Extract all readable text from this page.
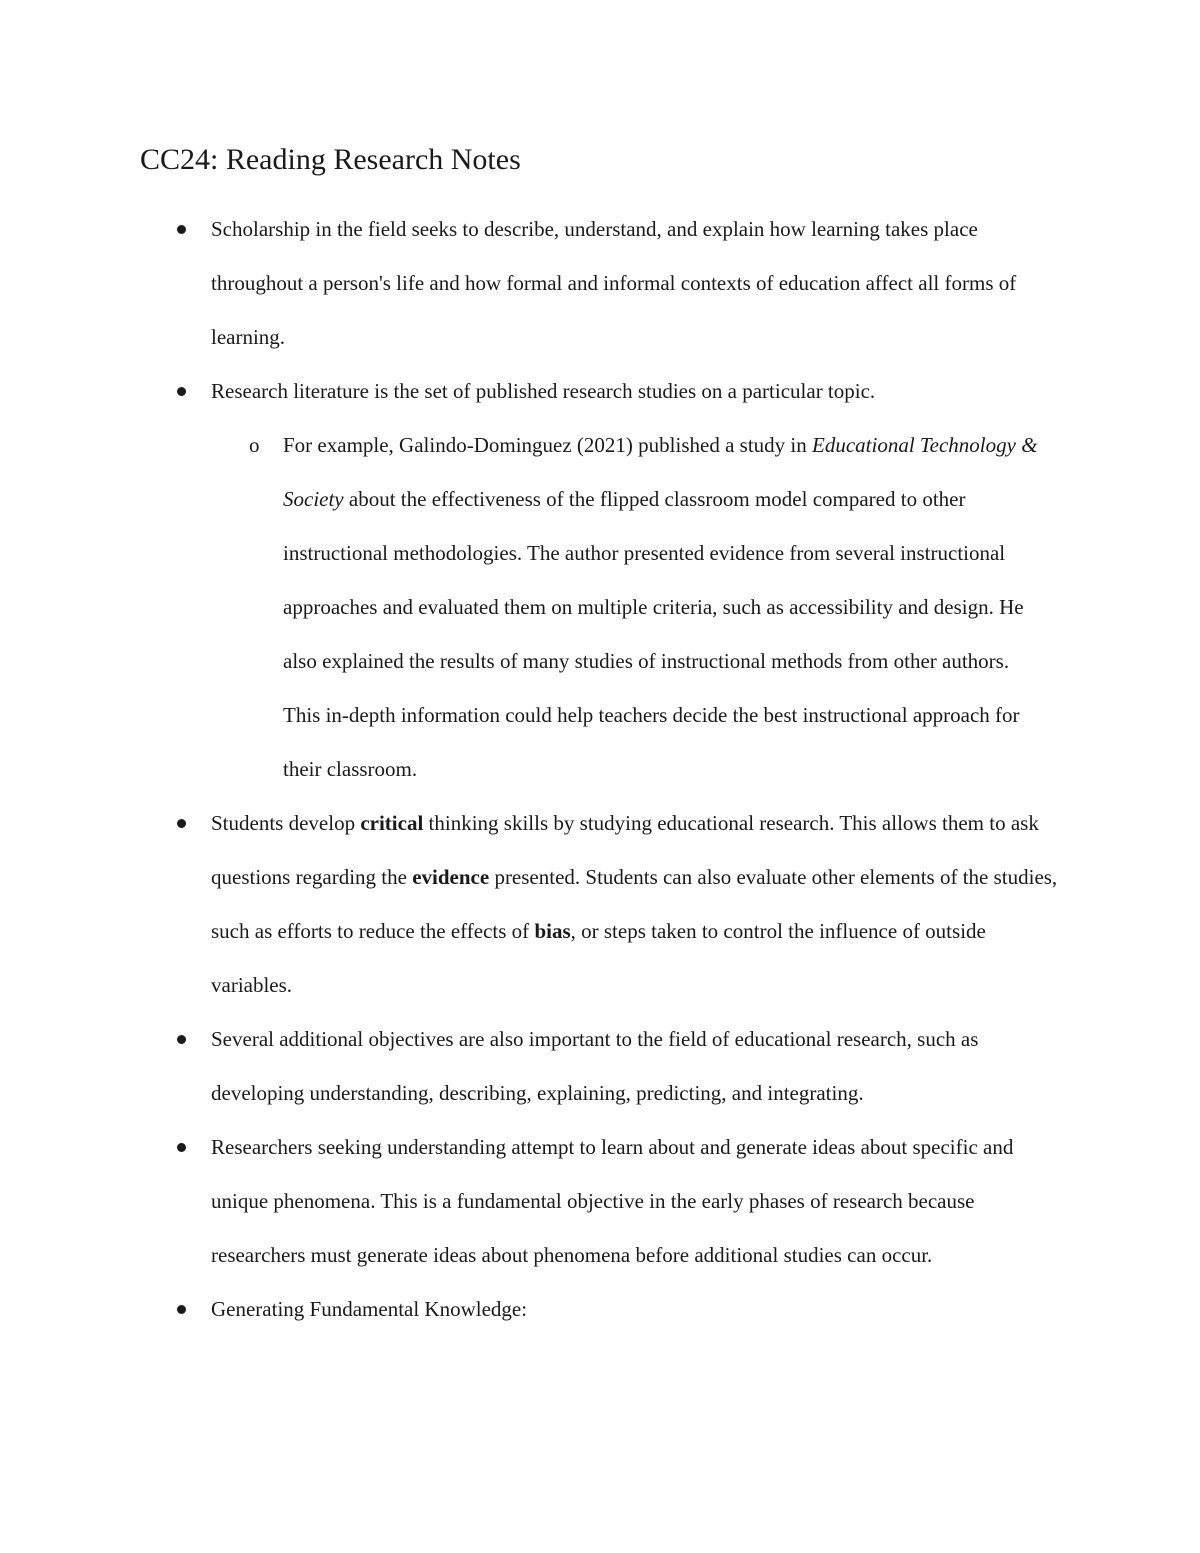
CC24: Reading Research Notes
Scholarship in the field seeks to describe, understand, and explain how learning takes place throughout a person's life and how formal and informal contexts of education affect all forms of learning.
Research literature is the set of published research studies on a particular topic.
o For example, Galindo-Dominguez (2021) published a study in Educational Technology & Society about the effectiveness of the flipped classroom model compared to other instructional methodologies. The author presented evidence from several instructional approaches and evaluated them on multiple criteria, such as accessibility and design. He also explained the results of many studies of instructional methods from other authors. This in-depth information could help teachers decide the best instructional approach for their classroom.
Students develop critical thinking skills by studying educational research. This allows them to ask questions regarding the evidence presented. Students can also evaluate other elements of the studies, such as efforts to reduce the effects of bias, or steps taken to control the influence of outside variables.
Several additional objectives are also important to the field of educational research, such as developing understanding, describing, explaining, predicting, and integrating.
Researchers seeking understanding attempt to learn about and generate ideas about specific and unique phenomena. This is a fundamental objective in the early phases of research because researchers must generate ideas about phenomena before additional studies can occur.
Generating Fundamental Knowledge:
